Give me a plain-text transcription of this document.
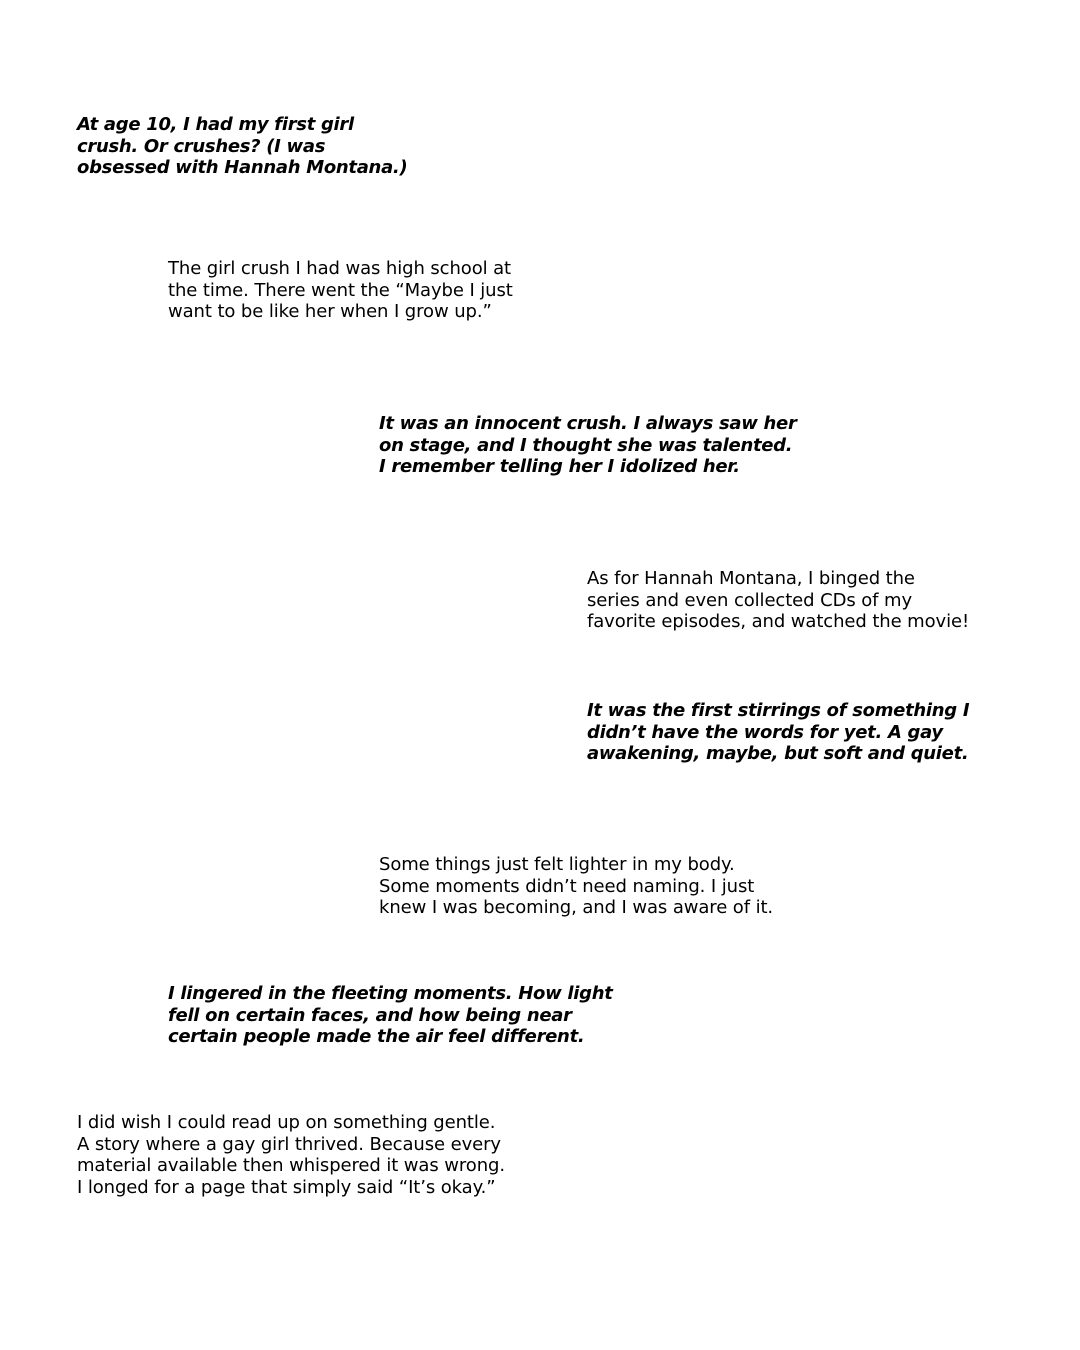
At age 10, I had my first girl
crush. Or crushes? (I was
obsessed with Hannah Montana.)

The girl crush I had was high school at
the time. There went the “Maybe I just
want to be like her when I grow up.”

It was an innocent crush. I always saw her
on stage, and I thought she was talented.
I remember telling her I idolized her.

As for Hannah Montana, I binged the
series and even collected CDs of my
favorite episodes, and watched the movie!

It was the first stirrings of something I
didn’t have the words for yet. A gay
awakening, maybe, but soft and quiet.

Some things just felt lighter in my body.
Some moments didn’t need naming. I just
knew I was becoming, and I was aware of it.

I lingered in the fleeting moments. How light
fell on certain faces, and how being near
certain people made the air feel different.

I did wish I could read up on something gentle.
A story where a gay girl thrived. Because every
material available then whispered it was wrong.
I longed for a page that simply said “It’s okay.”
